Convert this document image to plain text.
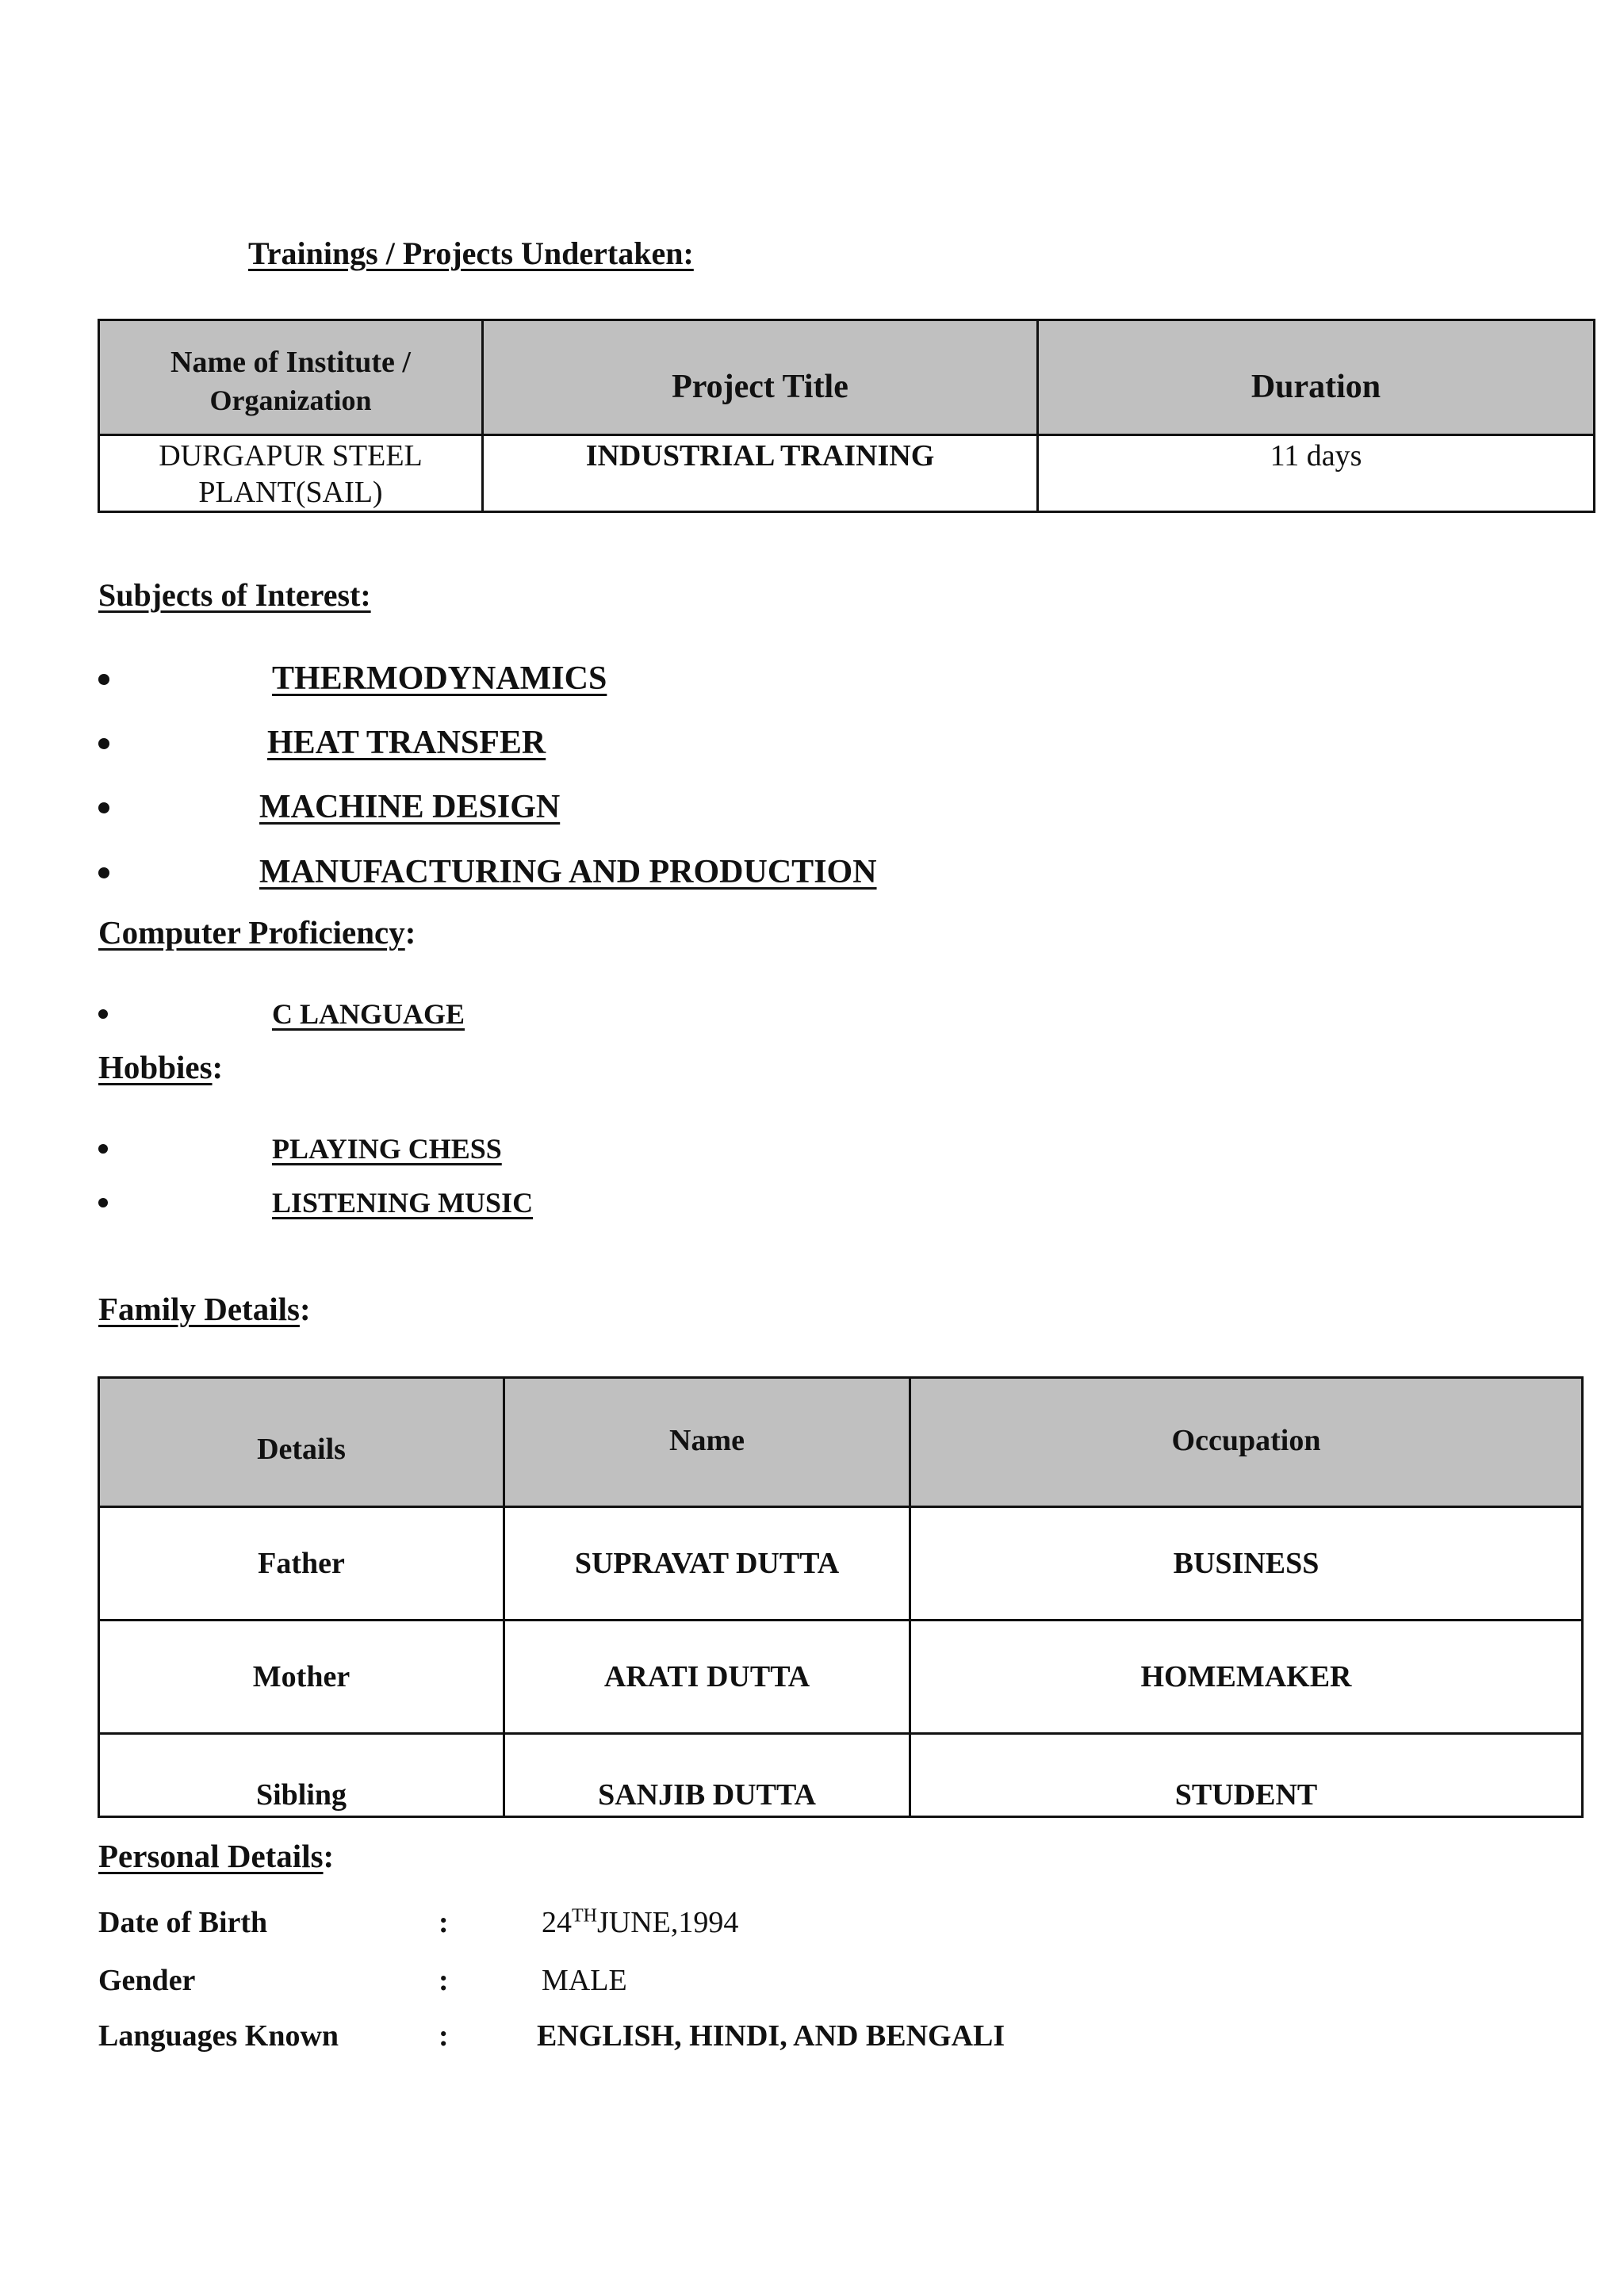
Trainings / Projects Undertaken:
Name of Institute /
Organization	Project Title	Duration

DURGAPUR STEEL
PLANT(SAIL)	INDUSTRIAL TRAINING	11 days
Subjects of Interest:
THERMODYNAMICS
HEAT TRANSFER
MACHINE DESIGN
MANUFACTURING AND PRODUCTION
Computer Proficiency:
C LANGUAGE
Hobbies:
PLAYING CHESS
LISTENING MUSIC
Family Details:
Details	Name	Occupation
Father	SUPRAVAT DUTTA	BUSINESS
Mother	ARATI DUTTA	HOMEMAKER
Sibling	SANJIB DUTTA	STUDENT
Personal Details:
Date of Birth	:	24THJUNE,1994
Gender	:	MALE
Languages Known	:	ENGLISH, HINDI, AND BENGALI
